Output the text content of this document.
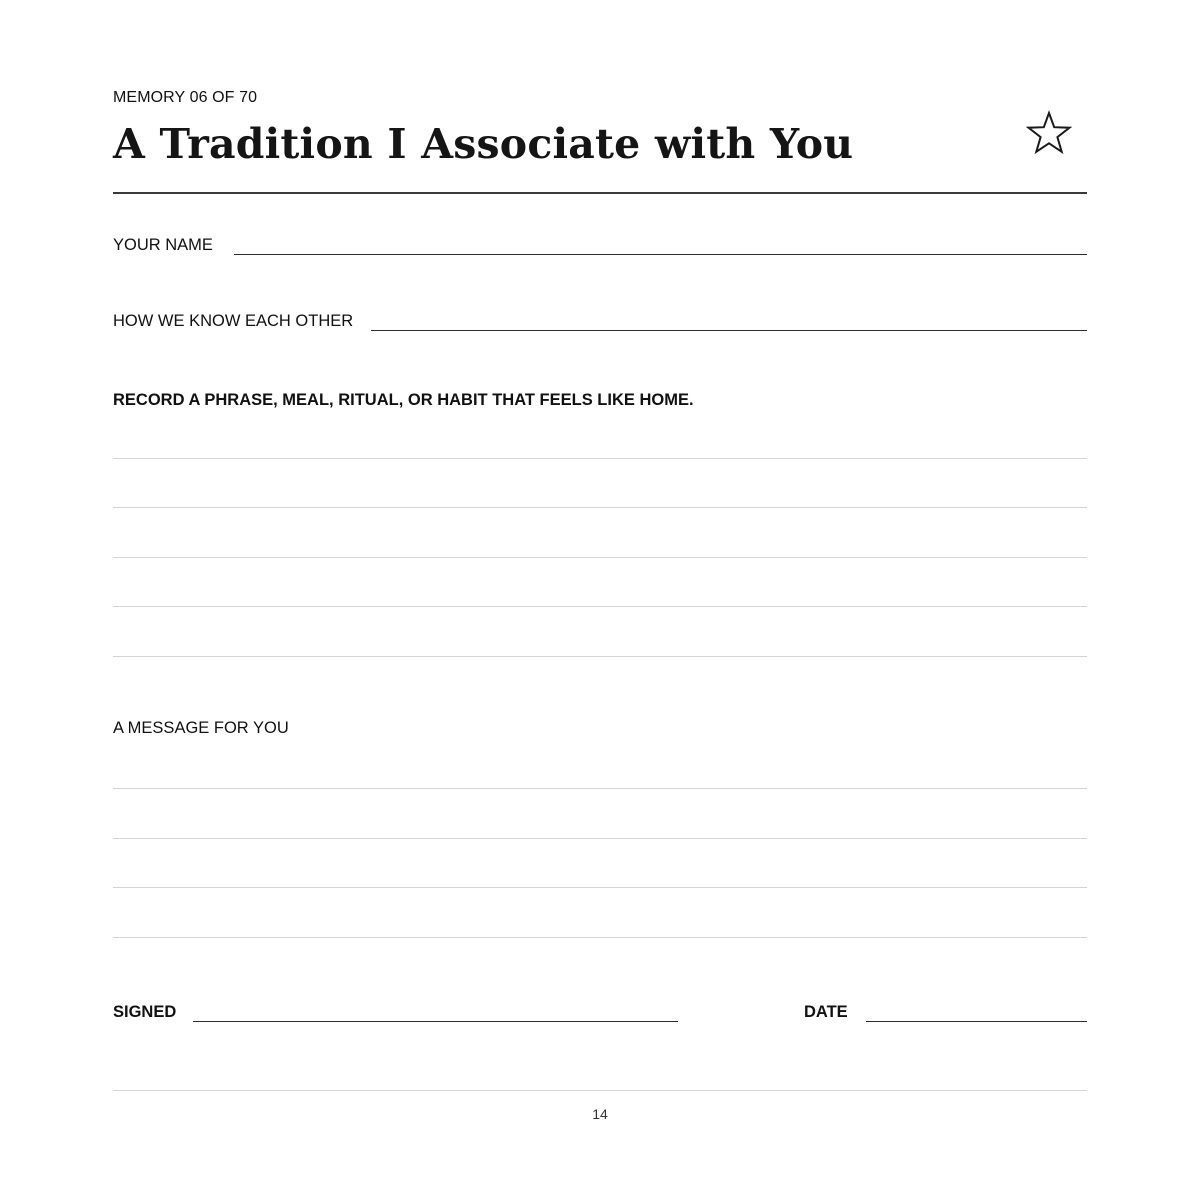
MEMORY 06 OF 70
A Tradition I Associate with You
YOUR NAME
HOW WE KNOW EACH OTHER
RECORD A PHRASE, MEAL, RITUAL, OR HABIT THAT FEELS LIKE HOME.
A MESSAGE FOR YOU
SIGNED	DATE
14
